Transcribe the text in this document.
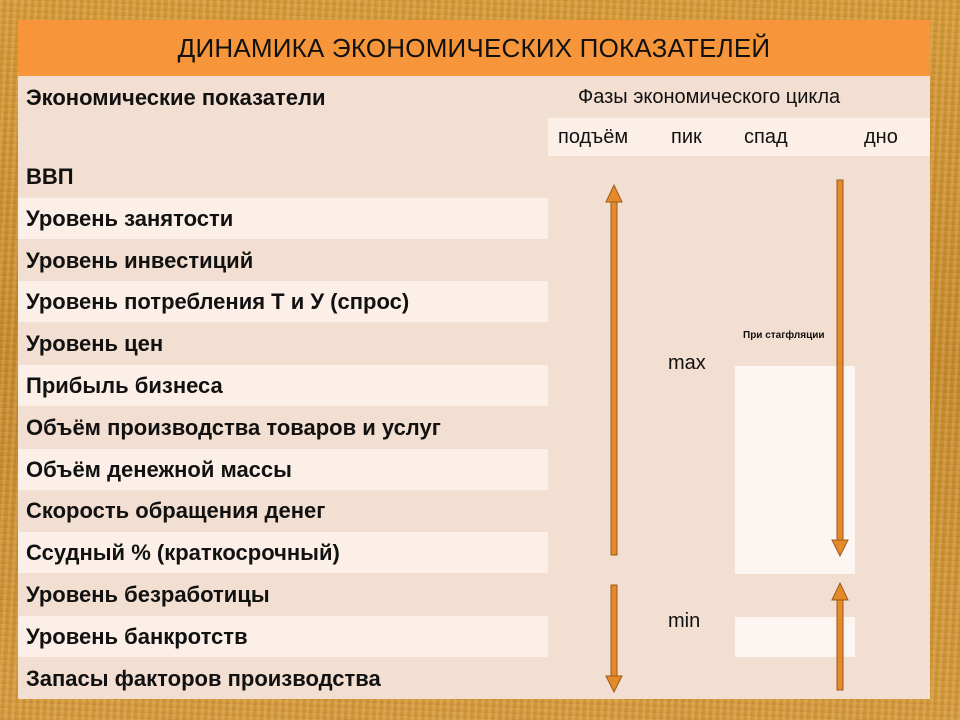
ДИНАМИКА ЭКОНОМИЧЕСКИХ ПОКАЗАТЕЛЕЙ
Экономические показатели	Фазы экономического цикла
подъём пик спад	дно
ВВП
Уровень занятости
Уровень инвестиций
Уровень потребления Т и У (спрос)
Уровень цен
Прибыль бизнеса
Объём производства товаров и услуг
Объём денежной массы
Скорость обращения денег
Ссудный % (краткосрочный)
Уровень безработицы
Уровень банкротств
Запасы факторов производства
max
min
При стагфляции
